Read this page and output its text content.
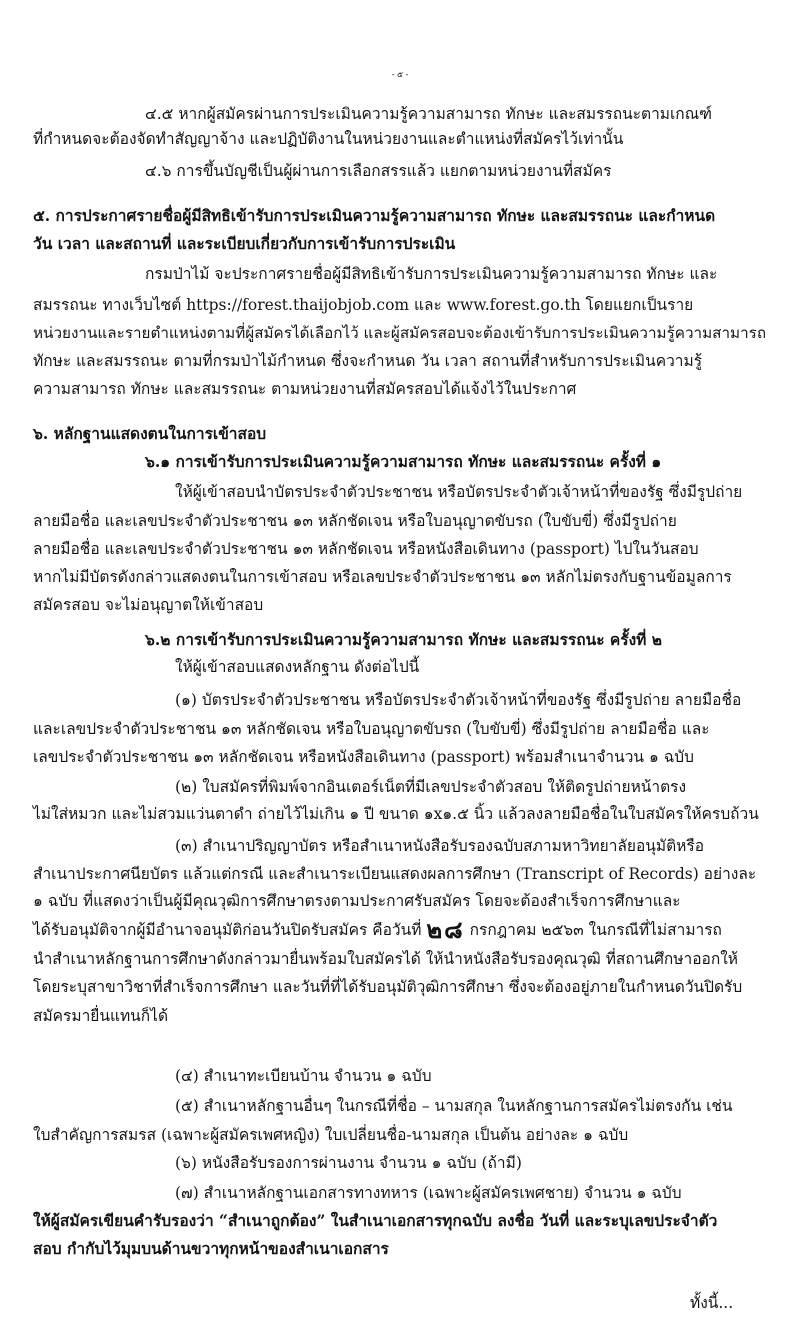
- ๕ -

๔.๕ หากผู้สมัครผ่านการประเมินความรู้ความสามารถ ทักษะ และสมรรถนะตามเกณฑ์

ที่กำหนดจะต้องจัดทำสัญญาจ้าง และปฏิบัติงานในหน่วยงานและตำแหน่งที่สมัครไว้เท่านั้น

๔.๖ การขึ้นบัญชีเป็นผู้ผ่านการเลือกสรรแล้ว แยกตามหน่วยงานที่สมัคร

๕. การประกาศรายชื่อผู้มีสิทธิเข้ารับการประเมินความรู้ความสามารถ ทักษะ และสมรรถนะ และกำหนด

วัน เวลา และสถานที่ และระเบียบเกี่ยวกับการเข้ารับการประเมิน

กรมป่าไม้ จะประกาศรายชื่อผู้มีสิทธิเข้ารับการประเมินความรู้ความสามารถ ทักษะ และ

สมรรถนะ ทางเว็บไซต์ https://forest.thaijobjob.com และ www.forest.go.th โดยแยกเป็นราย

หน่วยงานและรายตำแหน่งตามที่ผู้สมัครได้เลือกไว้ และผู้สมัครสอบจะต้องเข้ารับการประเมินความรู้ความสามารถ

ทักษะ และสมรรถนะ ตามที่กรมป่าไม้กำหนด ซึ่งจะกำหนด วัน เวลา สถานที่สำหรับการประเมินความรู้

ความสามารถ ทักษะ และสมรรถนะ ตามหน่วยงานที่สมัครสอบได้แจ้งไว้ในประกาศ

๖. หลักฐานแสดงตนในการเข้าสอบ

๖.๑ การเข้ารับการประเมินความรู้ความสามารถ ทักษะ และสมรรถนะ ครั้งที่ ๑

ให้ผู้เข้าสอบนำบัตรประจำตัวประชาชน หรือบัตรประจำตัวเจ้าหน้าที่ของรัฐ ซึ่งมีรูปถ่าย

ลายมือชื่อ และเลขประจำตัวประชาชน ๑๓ หลักชัดเจน หรือใบอนุญาตขับรถ (ใบขับขี่) ซึ่งมีรูปถ่าย

ลายมือชื่อ และเลขประจำตัวประชาชน ๑๓ หลักชัดเจน หรือหนังสือเดินทาง (passport) ไปในวันสอบ

หากไม่มีบัตรดังกล่าวแสดงตนในการเข้าสอบ หรือเลขประจำตัวประชาชน ๑๓ หลักไม่ตรงกับฐานข้อมูลการ

สมัครสอบ จะไม่อนุญาตให้เข้าสอบ

๖.๒ การเข้ารับการประเมินความรู้ความสามารถ ทักษะ และสมรรถนะ ครั้งที่ ๒

ให้ผู้เข้าสอบแสดงหลักฐาน ดังต่อไปนี้

(๑) บัตรประจำตัวประชาชน หรือบัตรประจำตัวเจ้าหน้าที่ของรัฐ ซึ่งมีรูปถ่าย ลายมือชื่อ

และเลขประจำตัวประชาชน ๑๓ หลักชัดเจน หรือใบอนุญาตขับรถ (ใบขับขี่) ซึ่งมีรูปถ่าย ลายมือชื่อ และ

เลขประจำตัวประชาชน ๑๓ หลักชัดเจน หรือหนังสือเดินทาง (passport) พร้อมสำเนาจำนวน ๑ ฉบับ

(๒) ใบสมัครที่พิมพ์จากอินเตอร์เน็ตที่มีเลขประจำตัวสอบ ให้ติดรูปถ่ายหน้าตรง

ไม่ใส่หมวก และไม่สวมแว่นตาดำ ถ่ายไว้ไม่เกิน ๑ ปี ขนาด ๑x๑.๕ นิ้ว แล้วลงลายมือชื่อในใบสมัครให้ครบถ้วน

(๓) สำเนาปริญญาบัตร หรือสำเนาหนังสือรับรองฉบับสภามหาวิทยาลัยอนุมัติหรือ

สำเนาประกาศนียบัตร แล้วแต่กรณี และสำเนาระเบียนแสดงผลการศึกษา (Transcript of Records) อย่างละ

๑ ฉบับ ที่แสดงว่าเป็นผู้มีคุณวุฒิการศึกษาตรงตามประกาศรับสมัคร โดยจะต้องสำเร็จการศึกษาและ

ได้รับอนุมัติจากผู้มีอำนาจอนุมัติก่อนวันปิดรับสมัคร คือวันที่ ๒๘ กรกฎาคม ๒๕๖๓ ในกรณีที่ไม่สามารถ

นำสำเนาหลักฐานการศึกษาดังกล่าวมายื่นพร้อมใบสมัครได้ ให้นำหนังสือรับรองคุณวุฒิ ที่สถานศึกษาออกให้

โดยระบุสาขาวิชาที่สำเร็จการศึกษา และวันที่ที่ได้รับอนุมัติวุฒิการศึกษา ซึ่งจะต้องอยู่ภายในกำหนดวันปิดรับ

สมัครมายื่นแทนก็ได้

(๔) สำเนาทะเบียนบ้าน จำนวน ๑ ฉบับ

(๕) สำเนาหลักฐานอื่นๆ ในกรณีที่ชื่อ – นามสกุล ในหลักฐานการสมัครไม่ตรงกัน เช่น

ใบสำคัญการสมรส (เฉพาะผู้สมัครเพศหญิง) ใบเปลี่ยนชื่อ-นามสกุล เป็นต้น อย่างละ ๑ ฉบับ

(๖) หนังสือรับรองการผ่านงาน จำนวน ๑ ฉบับ (ถ้ามี)

(๗) สำเนาหลักฐานเอกสารทางทหาร (เฉพาะผู้สมัครเพศชาย) จำนวน ๑ ฉบับ

ให้ผู้สมัครเขียนคำรับรองว่า “สำเนาถูกต้อง” ในสำเนาเอกสารทุกฉบับ ลงชื่อ วันที่ และระบุเลขประจำตัว

สอบ กำกับไว้มุมบนด้านขวาทุกหน้าของสำเนาเอกสาร

ทั้งนี้...
